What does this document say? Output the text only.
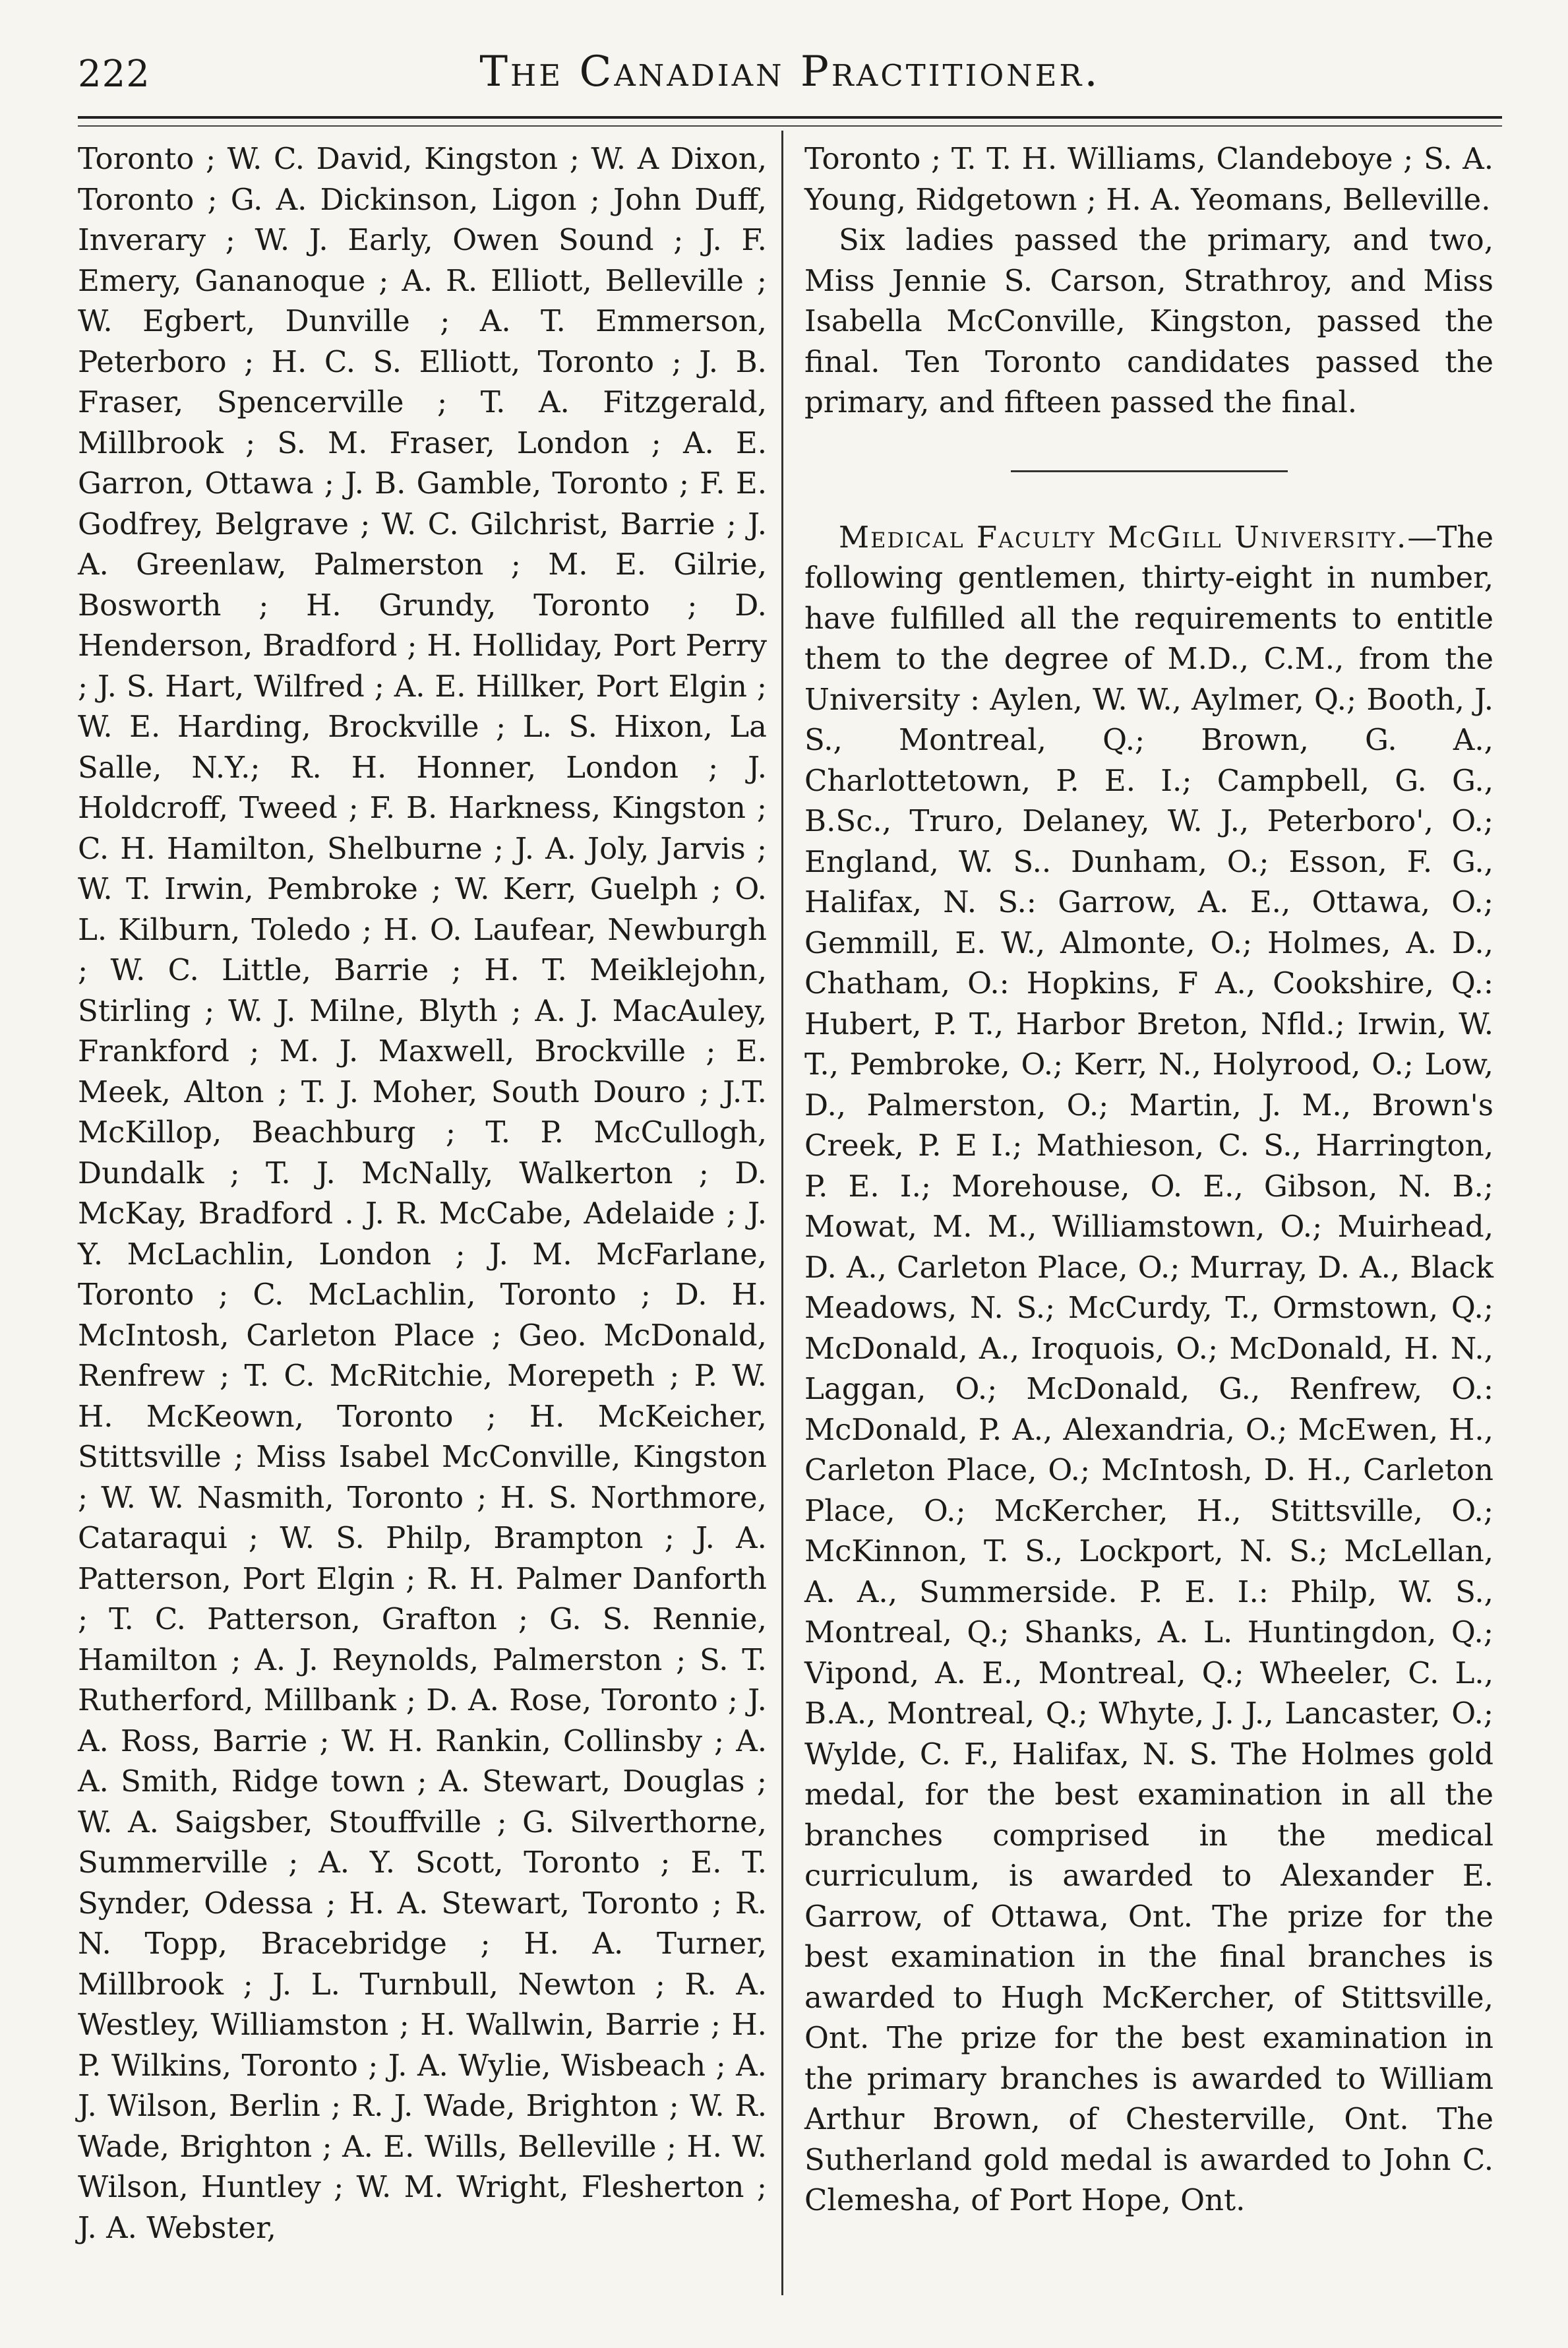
222	The Canadian Practitioner.

Toronto ; W. C. David, Kingston ; W. A Dixon, Toronto ; G. A. Dickinson, Ligon ; John Duff, Inverary ; W. J. Early, Owen Sound ; J. F. Emery, Gananoque ; A. R. Elliott, Belleville ; W. Egbert, Dunville ; A. T. Emmerson, Peterboro ; H. C. S. Elliott, Toronto ; J. B. Fraser, Spencerville ; T. A. Fitzgerald, Millbrook ; S. M. Fraser, London ; A. E. Garron, Ottawa ; J. B. Gamble, Toronto ; F. E. Godfrey, Belgrave ; W. C. Gilchrist, Barrie ; J. A. Greenlaw, Palmerston ; M. E. Gilrie, Bosworth ; H. Grundy, Toronto ; D. Henderson, Bradford ; H. Holliday, Port Perry ; J. S. Hart, Wilfred ; A. E. Hillker, Port Elgin ; W. E. Harding, Brockville ; L. S. Hixon, La Salle, N.Y.; R. H. Honner, London ; J. Holdcroff, Tweed ; F. B. Harkness, Kingston ; C. H. Hamilton, Shelburne ; J. A. Joly, Jarvis ; W. T. Irwin, Pembroke ; W. Kerr, Guelph ; O. L. Kilburn, Toledo ; H. O. Laufear, Newburgh ; W. C. Little, Barrie ; H. T. Meiklejohn, Stirling ; W. J. Milne, Blyth ; A. J. MacAuley, Frankford ; M. J. Maxwell, Brockville ; E. Meek, Alton ; T. J. Moher, South Douro ; J.T. McKillop, Beachburg ; T. P. McCullogh, Dundalk ; T. J. McNally, Walkerton ; D. McKay, Bradford . J. R. McCabe, Adelaide ; J. Y. McLachlin, London ; J. M. McFarlane, Toronto ; C. McLachlin, Toronto ; D. H. McIntosh, Carleton Place ; Geo. McDonald, Renfrew ; T. C. McRitchie, Morepeth ; P. W. H. McKeown, Toronto ; H. McKeicher, Stittsville ; Miss Isabel McConville, Kingston ; W. W. Nasmith, Toronto ; H. S. Northmore, Cataraqui ; W. S. Philp, Brampton ; J. A. Patterson, Port Elgin ; R. H. Palmer Danforth ; T. C. Patterson, Grafton ; G. S. Rennie, Hamilton ; A. J. Reynolds, Palmerston ; S. T. Rutherford, Millbank ; D. A. Rose, Toronto ; J. A. Ross, Barrie ; W. H. Rankin, Collinsby ; A. A. Smith, Ridge town ; A. Stewart, Douglas ; W. A. Saigsber, Stouffville ; G. Silverthorne, Summerville ; A. Y. Scott, Toronto ; E. T. Synder, Odessa ; H. A. Stewart, Toronto ; R. N. Topp, Bracebridge ; H. A. Turner, Millbrook ; J. L. Turnbull, Newton ; R. A. Westley, Williamston ; H. Wallwin, Barrie ; H. P. Wilkins, Toronto ; J. A. Wylie, Wisbeach ; A. J. Wilson, Berlin ; R. J. Wade, Brighton ; W. R. Wade, Brighton ; A. E. Wills, Belleville ; H. W. Wilson, Huntley ; W. M. Wright, Flesherton ; J. A. Webster,

Toronto ; T. T. H. Williams, Clandeboye ; S. A. Young, Ridgetown ; H. A. Yeomans, Belleville.

Six ladies passed the primary, and two, Miss Jennie S. Carson, Strathroy, and Miss Isabella McConville, Kingston, passed the final. Ten Toronto candidates passed the primary, and fifteen passed the final.

Medical Faculty McGill University.—The following gentlemen, thirty-eight in number, have fulfilled all the requirements to entitle them to the degree of M.D., C.M., from the University : Aylen, W. W., Aylmer, Q.; Booth, J. S., Montreal, Q.; Brown, G. A., Charlottetown, P. E. I.; Campbell, G. G., B.Sc., Truro, Delaney, W. J., Peterboro', O.; England, W. S.. Dunham, O.; Esson, F. G., Halifax, N. S.: Garrow, A. E., Ottawa, O.; Gemmill, E. W., Almonte, O.; Holmes, A. D., Chatham, O.: Hopkins, F A., Cookshire, Q.: Hubert, P. T., Harbor Breton, Nfld.; Irwin, W. T., Pembroke, O.; Kerr, N., Holyrood, O.; Low, D., Palmerston, O.; Martin, J. M., Brown's Creek, P. E I.; Mathieson, C. S., Harrington, P. E. I.; Morehouse, O. E., Gibson, N. B.; Mowat, M. M., Williamstown, O.; Muirhead, D. A., Carleton Place, O.; Murray, D. A., Black Meadows, N. S.; McCurdy, T., Ormstown, Q.; McDonald, A., Iroquois, O.; McDonald, H. N., Laggan, O.; McDonald, G., Renfrew, O.: McDonald, P. A., Alexandria, O.; McEwen, H., Carleton Place, O.; McIntosh, D. H., Carleton Place, O.; McKercher, H., Stittsville, O.; McKinnon, T. S., Lockport, N. S.; McLellan, A. A., Summerside. P. E. I.: Philp, W. S., Montreal, Q.; Shanks, A. L. Huntingdon, Q.; Vipond, A. E., Montreal, Q.; Wheeler, C. L., B.A., Montreal, Q.; Whyte, J. J., Lancaster, O.; Wylde, C. F., Halifax, N. S. The Holmes gold medal, for the best examination in all the branches comprised in the medical curriculum, is awarded to Alexander E. Garrow, of Ottawa, Ont. The prize for the best examination in the final branches is awarded to Hugh McKercher, of Stittsville, Ont. The prize for the best examination in the primary branches is awarded to William Arthur Brown, of Chesterville, Ont. The Sutherland gold medal is awarded to John C. Clemesha, of Port Hope, Ont.
